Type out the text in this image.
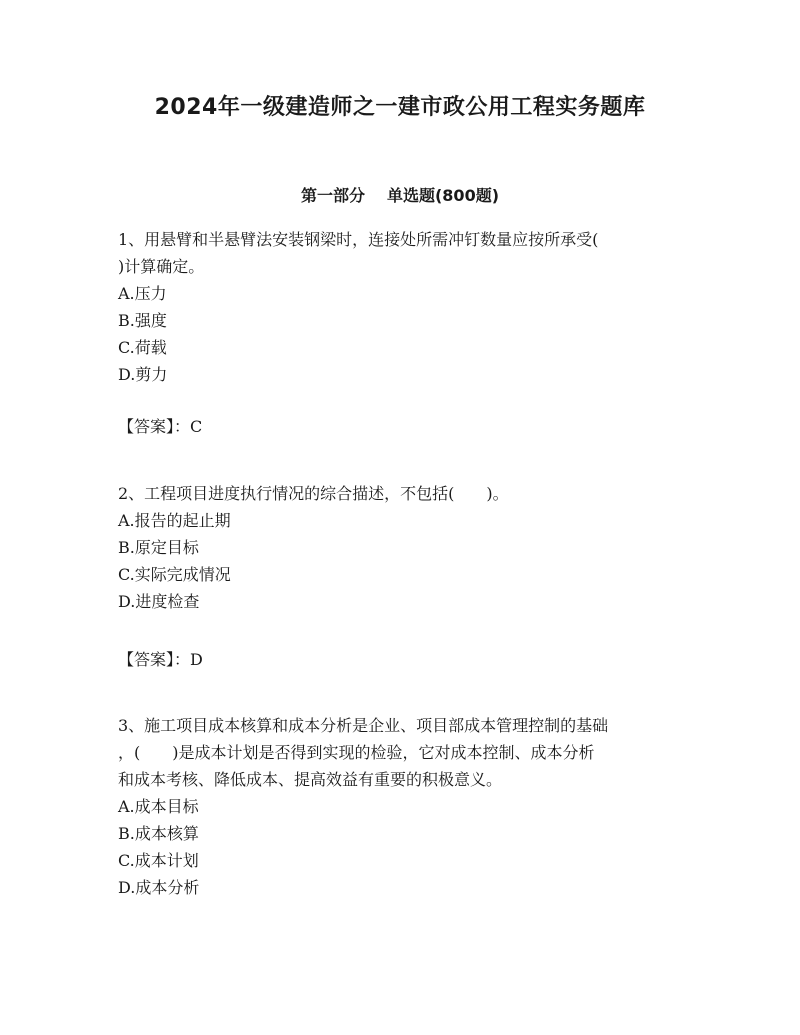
2024年一级建造师之一建市政公用工程实务题库
第一部分 单选题(800题)

1、用悬臂和半悬臂法安装钢梁时，连接处所需冲钉数量应按所承受(

)计算确定。

A.压力

B.强度

C.荷载

D.剪力

【答案】：C

2、工程项目进度执行情况的综合描述，不包括(　　)。

A.报告的起止期

B.原定目标

C.实际完成情况

D.进度检查

【答案】：D

3、施工项目成本核算和成本分析是企业、项目部成本管理控制的基础

，(　　)是成本计划是否得到实现的检验，它对成本控制、成本分析

和成本考核、降低成本、提高效益有重要的积极意义。

A.成本目标

B.成本核算

C.成本计划

D.成本分析
